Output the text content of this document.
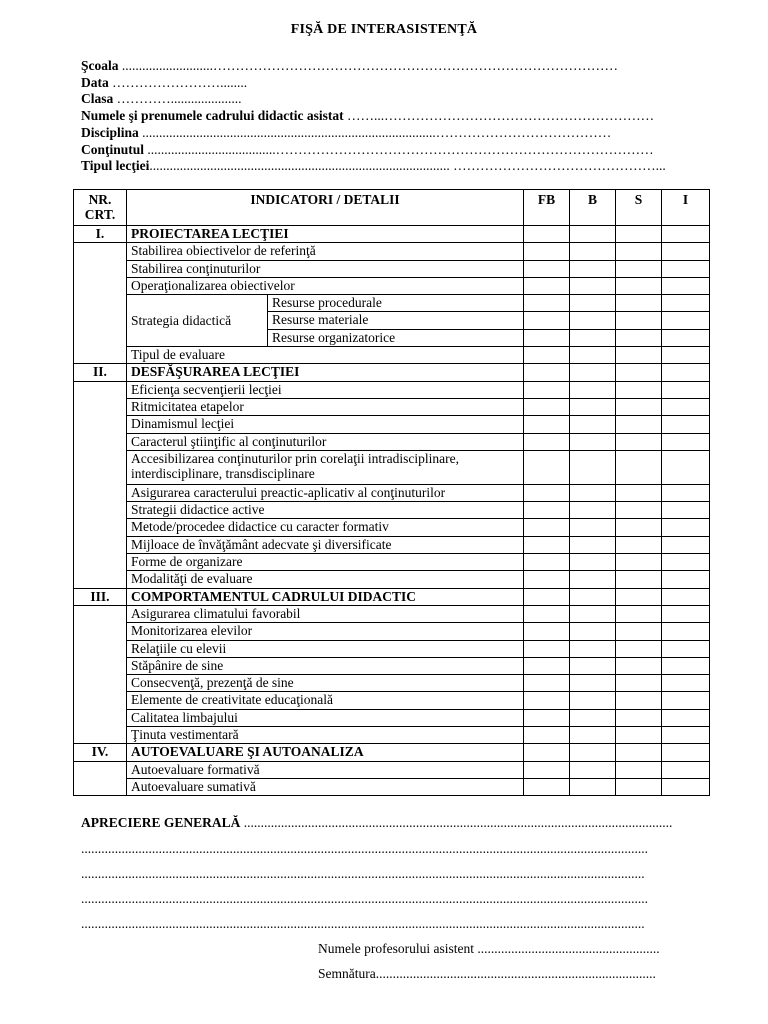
FIŞĂ DE INTERASISTENŢĂ
Şcoala ...........................………………………………………………………………………………
Data ……………………........
Clasa ………….....................
Numele şi prenumele cadrului didactic asistat ……...……………………………………………………
Disciplina .......................................................................................…………………………………
Conţinutul ......................................…………………………………………………………………………
Tipul lecţiei......................................................................................... ………………………………………...
NR. CRT.	INDICATORI / DETALII		FB	B	S	I
I.	PROIECTAREA LECŢIEI					
	Stabilirea obiectivelor de referinţă					
	Stabilirea conţinuturilor					
	Operaţionalizarea obiectivelor					
	Strategia didactică	Resurse procedurale				
		Resurse materiale				
		Resurse organizatorice				
	Tipul de evaluare					
II.	DESFĂŞURAREA LECŢIEI					
	Eficienţa secvenţierii lecţiei					
	Ritmicitatea etapelor					
	Dinamismul lecţiei					
	Caracterul ştiinţific al conţinuturilor					
	Accesibilizarea conţinuturilor prin corelaţii intradisciplinare, interdisciplinare, transdisciplinare					
	Asigurarea caracterului preactic-aplicativ al conţinuturilor					
	Strategii didactice active					
	Metode/procedee didactice cu caracter formativ					
	Mijloace de învăţământ adecvate şi diversificate					
	Forme de organizare					
	Modalităţi de evaluare					
III.	COMPORTAMENTUL CADRULUI DIDACTIC					
	Asigurarea climatului favorabil					
	Monitorizarea elevilor					
	Relaţiile cu elevii					
	Stăpânire de sine					
	Consecvenţă, prezenţă de sine					
	Elemente de creativitate educaţională					
	Calitatea limbajului					
	Ţinuta vestimentară					
IV.	AUTOEVALUARE ŞI AUTOANALIZA					
	Autoevaluare formativă					
	Autoevaluare sumativă					
APRECIERE GENERALĂ ...............................................................................................................................
........................................................................................................................................................................
.......................................................................................................................................................................
........................................................................................................................................................................
.......................................................................................................................................................................
Numele profesorului asistent ......................................................
Semnătura...................................................................................
